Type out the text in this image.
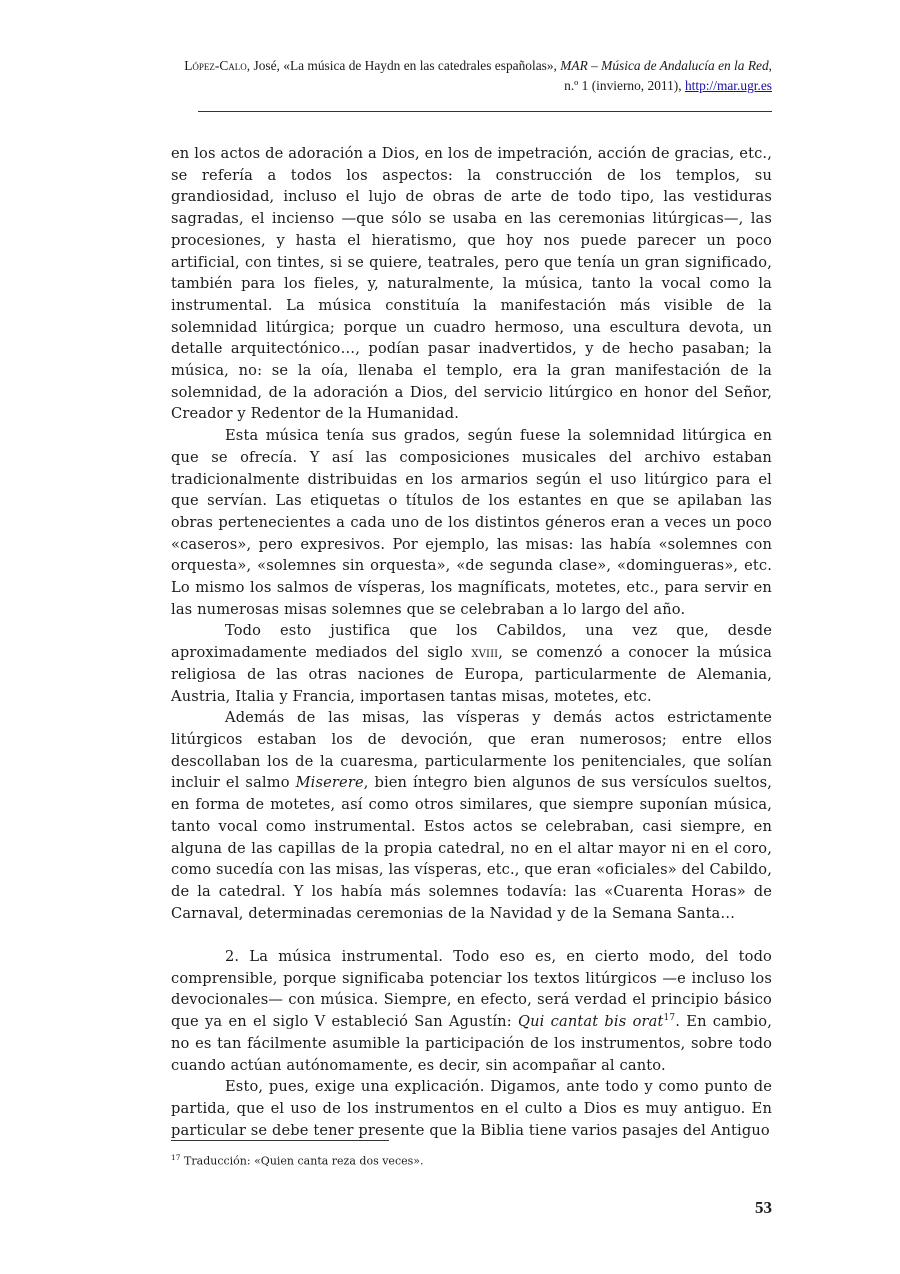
López-Calo, José, «La música de Haydn en las catedrales españolas», MAR – Música de Andalucía en la Red, n.º 1 (invierno, 2011), http://mar.ugr.es

en los actos de adoración a Dios, en los de impetración, acción de gracias, etc., se refería a todos los aspectos: la construcción de los templos, su grandiosidad, incluso el lujo de obras de arte de todo tipo, las vestiduras sagradas, el incienso —que sólo se usaba en las ceremonias litúrgicas—, las procesiones, y hasta el hieratismo, que hoy nos puede parecer un poco artificial, con tintes, si se quiere, teatrales, pero que tenía un gran significado, también para los fieles, y, naturalmente, la música, tanto la vocal como la instrumental. La música constituía la manifestación más visible de la solemnidad litúrgica; porque un cuadro hermoso, una escultura devota, un detalle arquitectónico…, podían pasar inadvertidos, y de hecho pasaban; la música, no: se la oía, llenaba el templo, era la gran manifestación de la solemnidad, de la adoración a Dios, del servicio litúrgico en honor del Señor, Creador y Redentor de la Humanidad.

Esta música tenía sus grados, según fuese la solemnidad litúrgica en que se ofrecía. Y así las composiciones musicales del archivo estaban tradicionalmente distribuidas en los armarios según el uso litúrgico para el que servían. Las etiquetas o títulos de los estantes en que se apilaban las obras pertenecientes a cada uno de los distintos géneros eran a veces un poco «caseros», pero expresivos. Por ejemplo, las misas: las había «solemnes con orquesta», «solemnes sin orquesta», «de segunda clase», «domingueras», etc. Lo mismo los salmos de vísperas, los magníficats, motetes, etc., para servir en las numerosas misas solemnes que se celebraban a lo largo del año.

Todo esto justifica que los Cabildos, una vez que, desde aproximadamente mediados del siglo xviii, se comenzó a conocer la música religiosa de las otras naciones de Europa, particularmente de Alemania, Austria, Italia y Francia, importasen tantas misas, motetes, etc.

Además de las misas, las vísperas y demás actos estrictamente litúrgicos estaban los de devoción, que eran numerosos; entre ellos descollaban los de la cuaresma, particularmente los penitenciales, que solían incluir el salmo Miserere, bien íntegro bien algunos de sus versículos sueltos, en forma de motetes, así como otros similares, que siempre suponían música, tanto vocal como instrumental. Estos actos se celebraban, casi siempre, en alguna de las capillas de la propia catedral, no en el altar mayor ni en el coro, como sucedía con las misas, las vísperas, etc., que eran «oficiales» del Cabildo, de la catedral. Y los había más solemnes todavía: las «Cuarenta Horas» de Carnaval, determinadas ceremonias de la Navidad y de la Semana Santa…

2. La música instrumental. Todo eso es, en cierto modo, del todo comprensible, porque significaba potenciar los textos litúrgicos —e incluso los devocionales— con música. Siempre, en efecto, será verdad el principio básico que ya en el siglo V estableció San Agustín: Qui cantat bis orat$^{17}$. En cambio, no es tan fácilmente asumible la participación de los instrumentos, sobre todo cuando actúan autónomamente, es decir, sin acompañar al canto.

Esto, pues, exige una explicación. Digamos, ante todo y como punto de partida, que el uso de los instrumentos en el culto a Dios es muy antiguo. En particular se debe tener presente que la Biblia tiene varios pasajes del Antiguo

$^{17}$ Traducción: «Quien canta reza dos veces».
53
